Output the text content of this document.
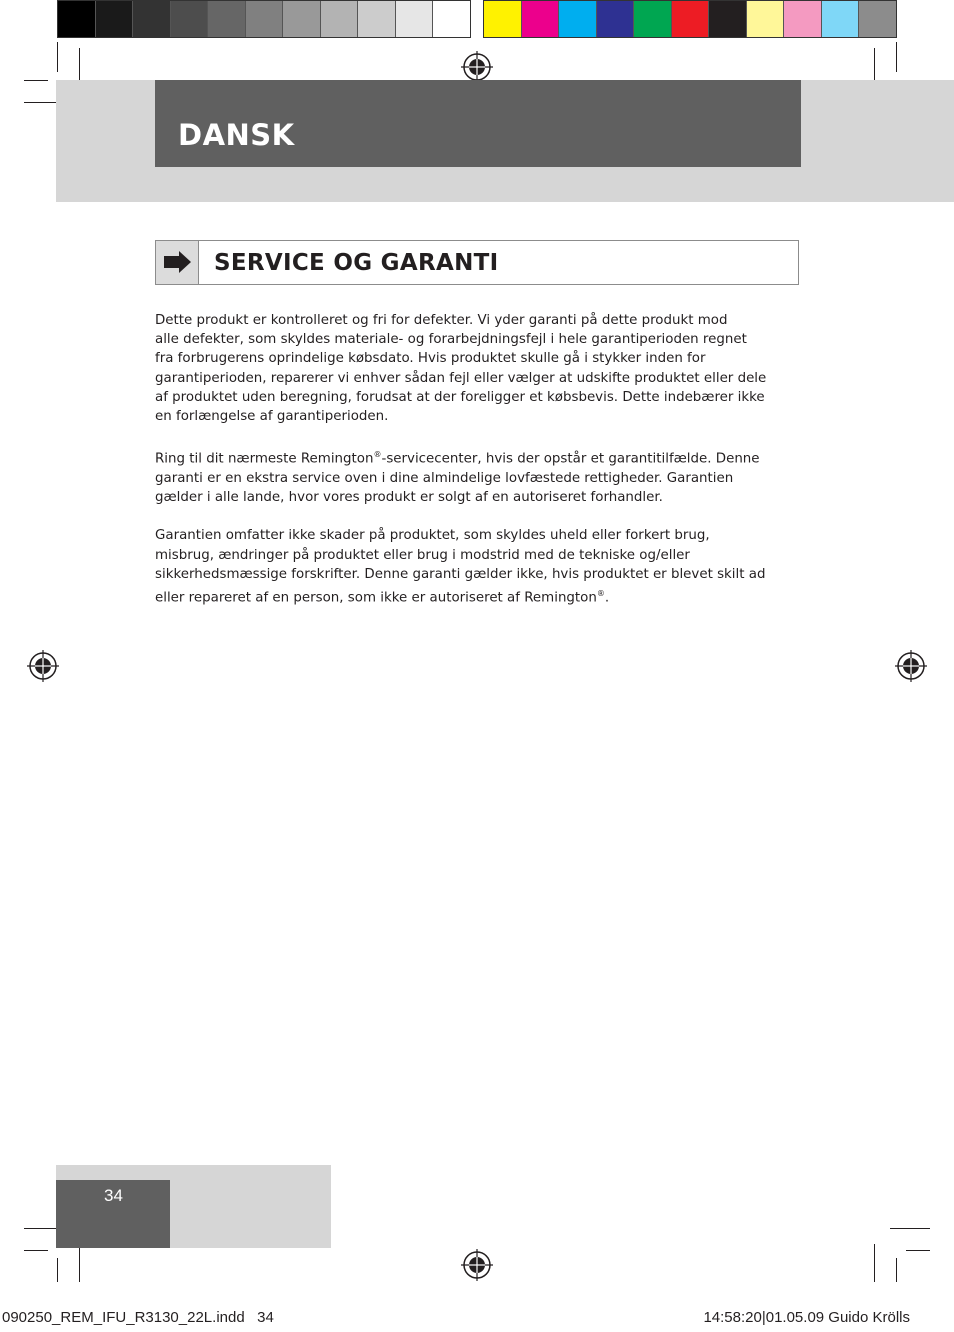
DANSK
SERVICE OG GARANTI

Dette produkt er kontrolleret og fri for defekter. Vi yder garanti på dette produkt mod
alle defekter, som skyldes materiale- og forarbejdningsfejl i hele garantiperioden regnet
fra forbrugerens oprindelige købsdato. Hvis produktet skulle gå i stykker inden for
garantiperioden, reparerer vi enhver sådan fejl eller vælger at udskifte produktet eller dele
af produktet uden beregning, forudsat at der foreligger et købsbevis. Dette indebærer ikke
en forlængelse af garantiperioden.

Ring til dit nærmeste Remington®-servicecenter, hvis der opstår et garantitilfælde. Denne
garanti er en ekstra service oven i dine almindelige lovfæstede rettigheder. Garantien
gælder i alle lande, hvor vores produkt er solgt af en autoriseret forhandler.

Garantien omfatter ikke skader på produktet, som skyldes uheld eller forkert brug,
misbrug, ændringer på produktet eller brug i modstrid med de tekniske og/eller
sikkerhedsmæssige forskrifter. Denne garanti gælder ikke, hvis produktet er blevet skilt ad
eller repareret af en person, som ikke er autoriseret af Remington®.

34
090250_REM_IFU_R3130_22L.indd   34	14:58:20|01.05.09 Guido Krölls
